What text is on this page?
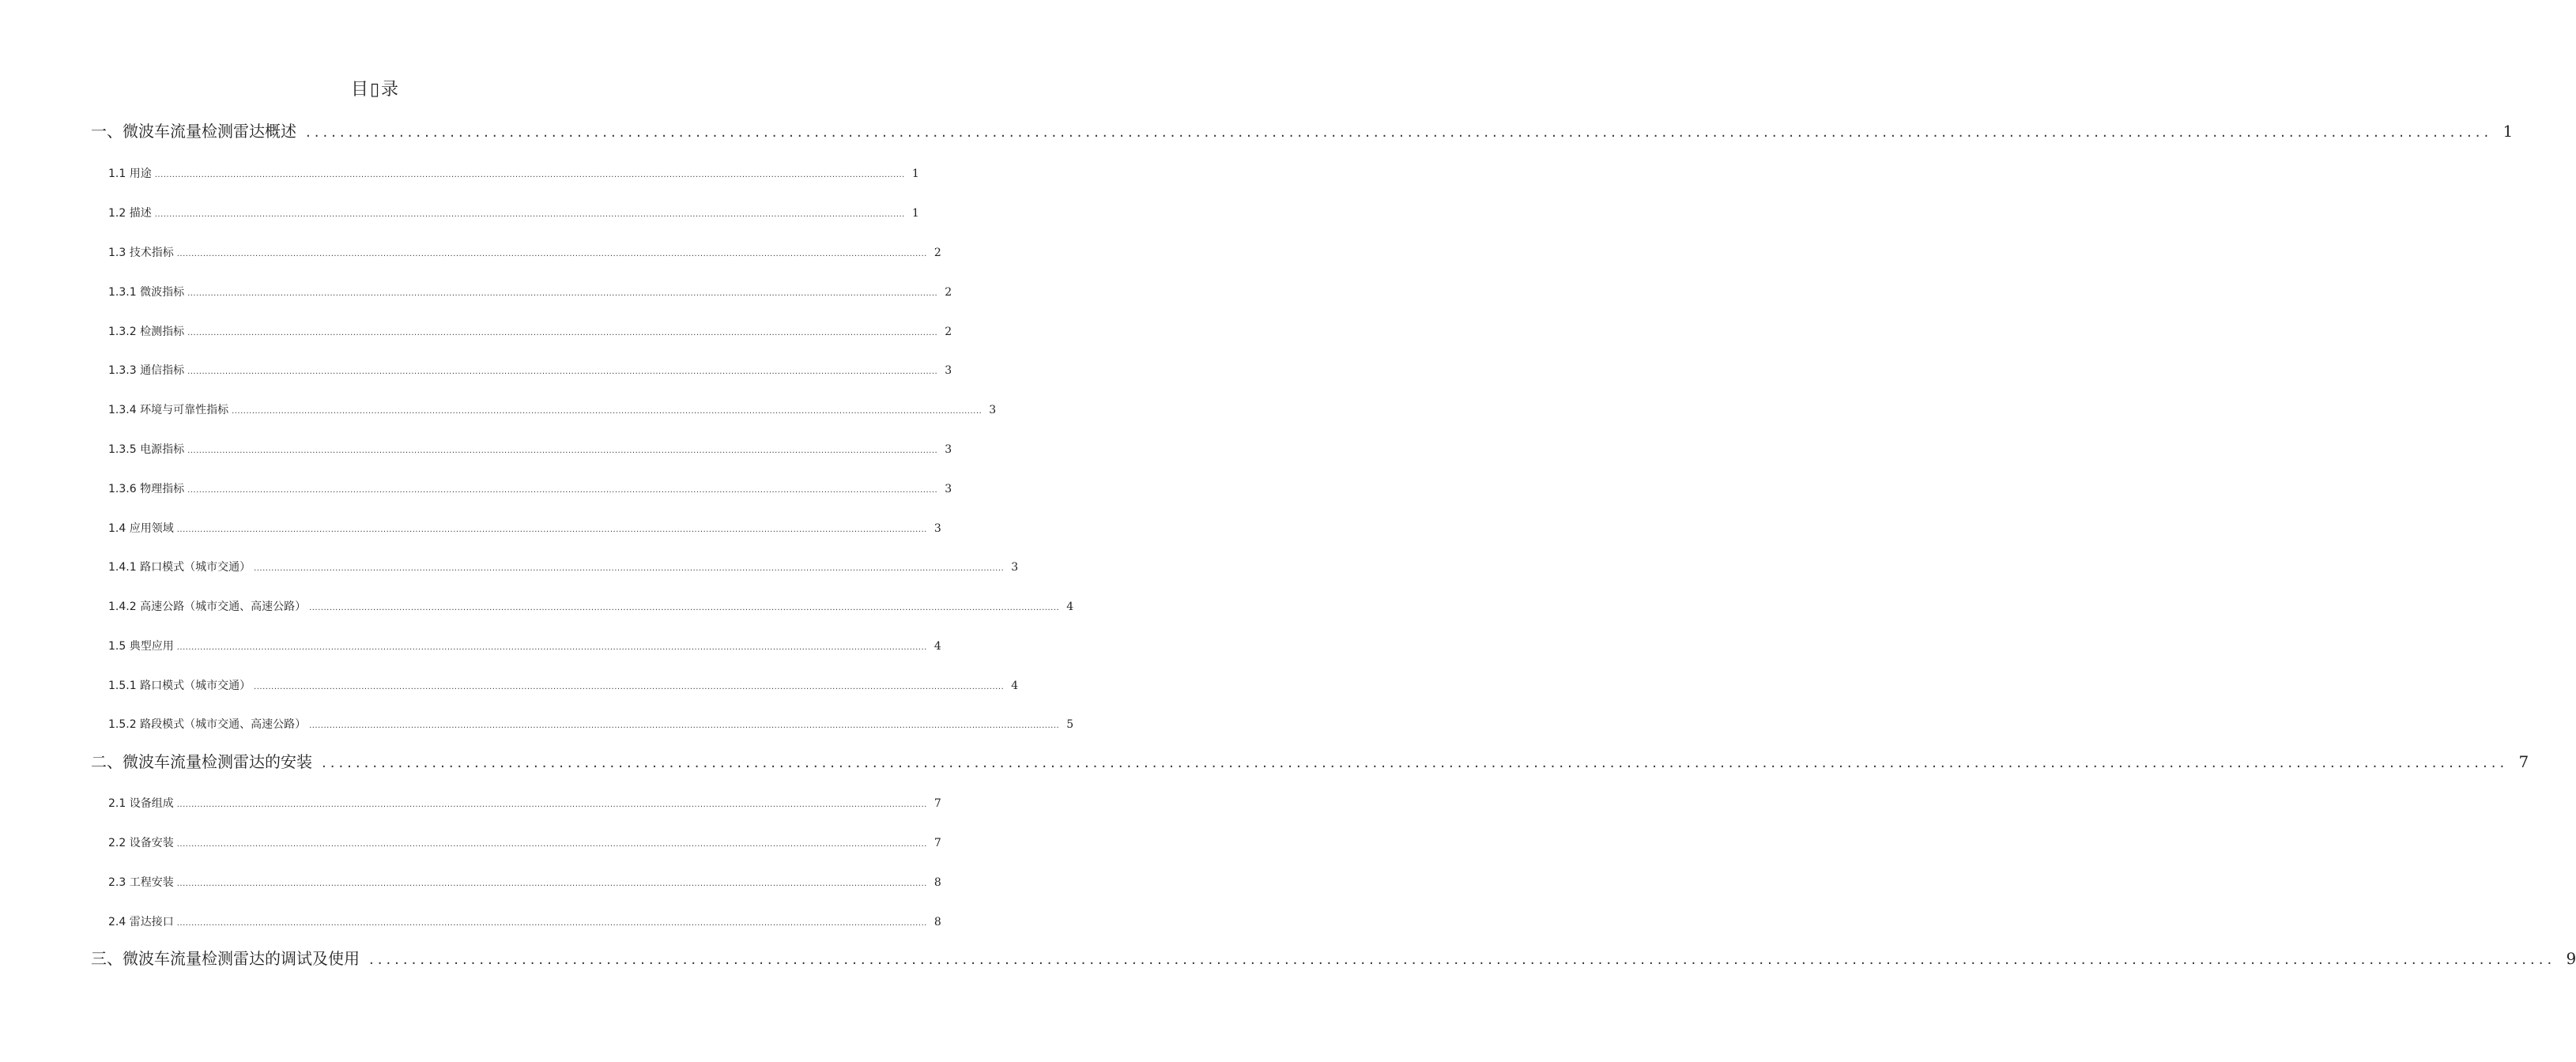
目▯录
一、微波车流量检测雷达概述 .................................................................................................................................................................................................................................................................. 1
1.1 用途 .................................................................................................................................................................................................................................................................. 1
1.2 描述 .................................................................................................................................................................................................................................................................. 1
1.3 技术指标 .................................................................................................................................................................................................................................................................. 2
1.3.1 微波指标 .................................................................................................................................................................................................................................................................. 2
1.3.2 检测指标 .................................................................................................................................................................................................................................................................. 2
1.3.3 通信指标 .................................................................................................................................................................................................................................................................. 3
1.3.4 环境与可靠性指标 .................................................................................................................................................................................................................................................................. 3
1.3.5 电源指标 .................................................................................................................................................................................................................................................................. 3
1.3.6 物理指标 .................................................................................................................................................................................................................................................................. 3
1.4 应用领域 .................................................................................................................................................................................................................................................................. 3
1.4.1 路口模式（城市交通） .................................................................................................................................................................................................................................................................. 3
1.4.2 高速公路（城市交通、高速公路） .................................................................................................................................................................................................................................................................. 4
1.5 典型应用 .................................................................................................................................................................................................................................................................. 4
1.5.1 路口模式（城市交通） .................................................................................................................................................................................................................................................................. 4
1.5.2 路段模式（城市交通、高速公路） .................................................................................................................................................................................................................................................................. 5
二、微波车流量检测雷达的安装 .................................................................................................................................................................................................................................................................. 7
2.1 设备组成 .................................................................................................................................................................................................................................................................. 7
2.2 设备安装 .................................................................................................................................................................................................................................................................. 7
2.3 工程安装 .................................................................................................................................................................................................................................................................. 8
2.4 雷达接口 .................................................................................................................................................................................................................................................................. 8
三、微波车流量检测雷达的调试及使用 .................................................................................................................................................................................................................................................................. 9
